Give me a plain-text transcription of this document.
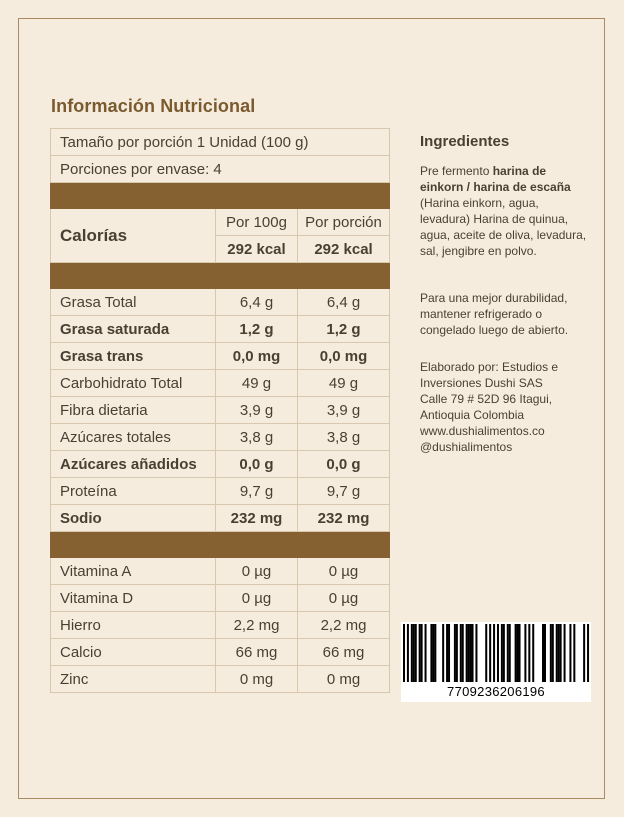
Información Nutricional
Tamaño por porción 1 Unidad (100 g)		
Porciones por envase: 4		

Calorías	Por 100g	Por porción
	292 kcal	292 kcal

Grasa Total	6,4 g	6,4 g
Grasa saturada	1,2 g	1,2 g
Grasa trans	0,0 mg	0,0 mg
Carbohidrato Total	49 g	49 g
Fibra dietaria	3,9 g	3,9 g
Azúcares totales	3,8 g	3,8 g
Azúcares añadidos	0,0 g	0,0 g
Proteína	9,7 g	9,7 g
Sodio	232 mg	232 mg

Vitamina A	0 µg	0 µg
Vitamina D	0 µg	0 µg
Hierro	2,2 mg	2,2 mg
Calcio	66 mg	66 mg
Zinc	0 mg	0 mg
Ingredientes
Pre fermento harina de einkorn / harina de escaña (Harina einkorn, agua, levadura) Harina de quinua, agua, aceite de oliva, levadura, sal, jengibre en polvo.
Para una mejor durabilidad,
mantener refrigerado o
congelado luego de abierto.
Elaborado por: Estudios e
Inversiones Dushi SAS
Calle 79 # 52D 96 Itagui,
Antioquia Colombia
www.dushialimentos.co
@dushialimentos
7709236206196
